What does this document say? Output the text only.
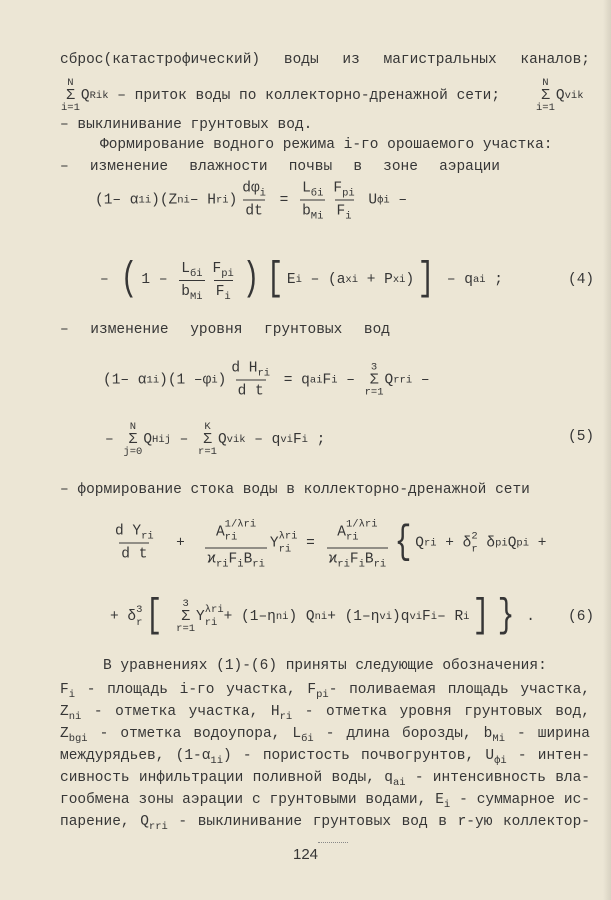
сброс(катастрофический) воды из магистральных каналов;
N
Σ
i=1
Q Rik – приток воды по коллекторно-дренажной сети;
N
Σ
i=1
Q vik
– выклинивание грунтовых вод.
Формирование водного режима i-го орошаемого участка:
– изменение влажности почвы в зоне аэрации
(1– α 1i )(Z ni – H ri ) $\frac{d\varphi_i}{dt} = \frac{L_{бi}}{b_{Mi}} \frac{F_{pi}}{F_i}$ U фi –
– ( $1 - \frac{L_{бi}}{b_{Mi}} \frac{F_{pi}}{F_i}$ ) [ E i – (a xi + P xi ) ] – q ai ;	(4)
– изменение уровня грунтовых вод
(1– α 1i )(1 –φ i ) $\frac{d H_{ri}}{\text{d t}} = q$ ai F i –
3
Σ
r=1
Q rri –
–
N
Σ
j=0
Q Hij –
K
Σ
r=1
Q vik – q vi F i ;	(5)
– формирование стока воды в коллекторно-дренажной сети
$\frac{d Y_{ri}}{\text{d t}} + A$ 1/λri
ri
$ϰ_{ri}F_iB_{ri}$ Y λri
ri = A 1/λri
ri
$ϰ_{ri}F_iB_{ri}$ { Q ri + δ 2
r δ pi Q pi +
+ δ 3
r [
3
Σ
r=1
Y λri
ri + (1–η ni ) Q ni + (1–η vi )q vi F i – R i ] } . (6)
В уравнениях (1)-(6) приняты следующие обозначения:
$F_i$ - площадь i-го участка, $F_{pi}-$ поливаемая площадь участка,
$Z_{ni}$ - отметка участка, $H_{ri}$ - отметка уровня грунтовых вод,
$Z_{bgi}$ - отметка водоупора, $L_{бi}$ - длина борозды, $b_{Mi}$ - ширина
междурядьев, $(1-\alpha_{1i})$ - пористость почвогрунтов, $U_{фi}$ - интен-
сивность инфильтрации поливной воды, $q_{ai}$ - интенсивность вла-
гообмена зоны аэрации с грунтовыми водами, $E_i$ - суммарное ис-
парение, $Q_{rri}$ - выклинивание грунтовых вод в r-ую коллектор-
124
